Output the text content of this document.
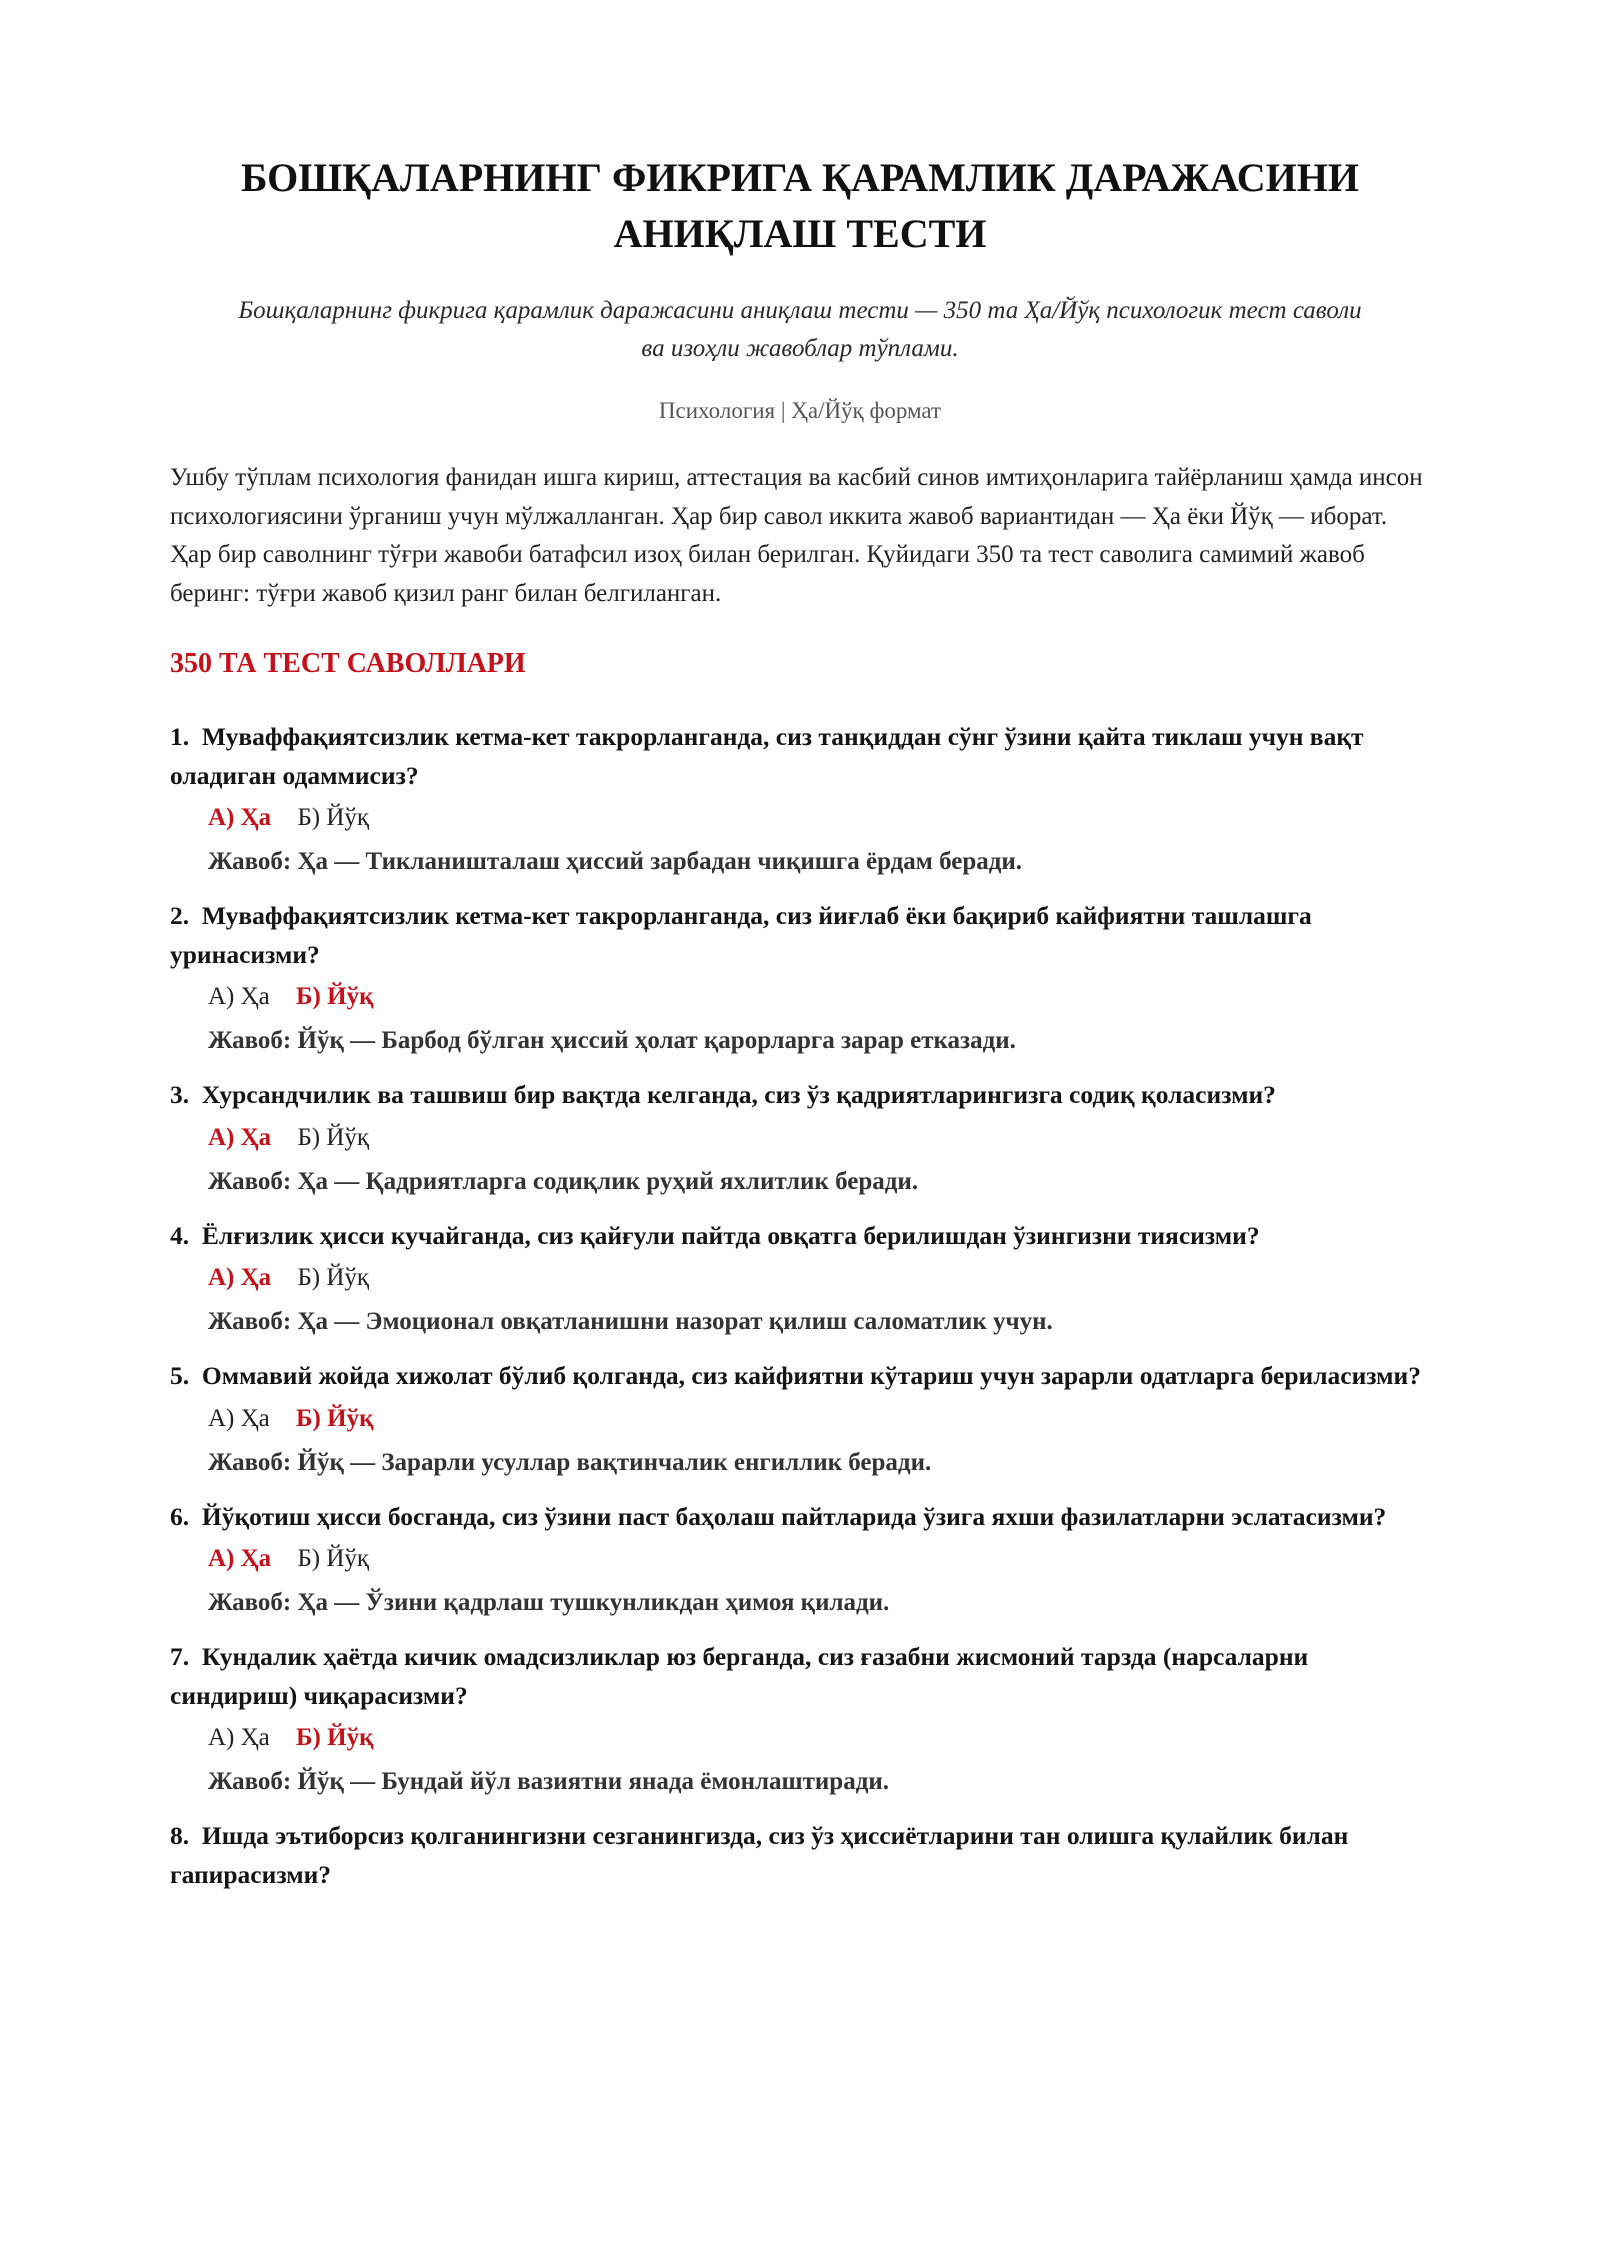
БОШҚАЛАРНИНГ ФИКРИГА ҚАРАМЛИК ДАРАЖАСИНИ
АНИҚЛАШ ТЕСТИ
Бошқаларнинг фикрига қарамлик даражасини аниқлаш тести — 350 та Ҳа/Йўқ психологик тест саволи ва изоҳли жавоблар тўплами.
Психология | Ҳа/Йўқ формат
Ушбу тўплам психология фанидан ишга кириш, аттестация ва касбий синов имтиҳонларига тайёрланиш ҳамда инсон психологиясини ўрганиш учун мўлжалланган. Ҳар бир савол иккита жавоб вариантидан — Ҳа ёки Йўқ — иборат. Ҳар бир саволнинг тўғри жавоби батафсил изоҳ билан берилган. Қуйидаги 350 та тест саволига самимий жавоб беринг: тўғри жавоб қизил ранг билан белгиланган.
350 ТА ТЕСТ САВОЛЛАРИ
1. Муваффақиятсизлик кетма-кет такрорланганда, сиз танқиддан сўнг ўзини қайта тиклаш учун вақт оладиган одаммисиз?
А) Ҳа Б) Йўқ
Жавоб: Ҳа — Тикланишталаш ҳиссий зарбадан чиқишга ёрдам беради.
2. Муваффақиятсизлик кетма-кет такрорланганда, сиз йиғлаб ёки бақириб кайфиятни ташлашга уринасизми?
А) Ҳа Б) Йўқ
Жавоб: Йўқ — Барбод бўлган ҳиссий ҳолат қарорларга зарар етказади.
3. Хурсандчилик ва ташвиш бир вақтда келганда, сиз ўз қадриятларингизга содиқ қоласизми?
А) Ҳа Б) Йўқ
Жавоб: Ҳа — Қадриятларга содиқлик руҳий яхлитлик беради.
4. Ёлғизлик ҳисси кучайганда, сиз қайғули пайтда овқатга берилишдан ўзингизни тиясизми?
А) Ҳа Б) Йўқ
Жавоб: Ҳа — Эмоционал овқатланишни назорат қилиш саломатлик учун.
5. Оммавий жойда хижолат бўлиб қолганда, сиз кайфиятни кўтариш учун зарарли одатларга бериласизми?
А) Ҳа Б) Йўқ
Жавоб: Йўқ — Зарарли усуллар вақтинчалик енгиллик беради.
6. Йўқотиш ҳисси босганда, сиз ўзини паст баҳолаш пайтларида ўзига яхши фазилатларни эслатасизми?
А) Ҳа Б) Йўқ
Жавоб: Ҳа — Ўзини қадрлаш тушкунликдан ҳимоя қилади.
7. Кундалик ҳаётда кичик омадсизликлар юз берганда, сиз ғазабни жисмоний тарзда (нарсаларни синдириш) чиқарасизми?
А) Ҳа Б) Йўқ
Жавоб: Йўқ — Бундай йўл вазиятни янада ёмонлаштиради.
8. Ишда эътиборсиз қолганингизни сезганингизда, сиз ўз ҳиссиётларини тан олишга қулайлик билан гапирасизми?
